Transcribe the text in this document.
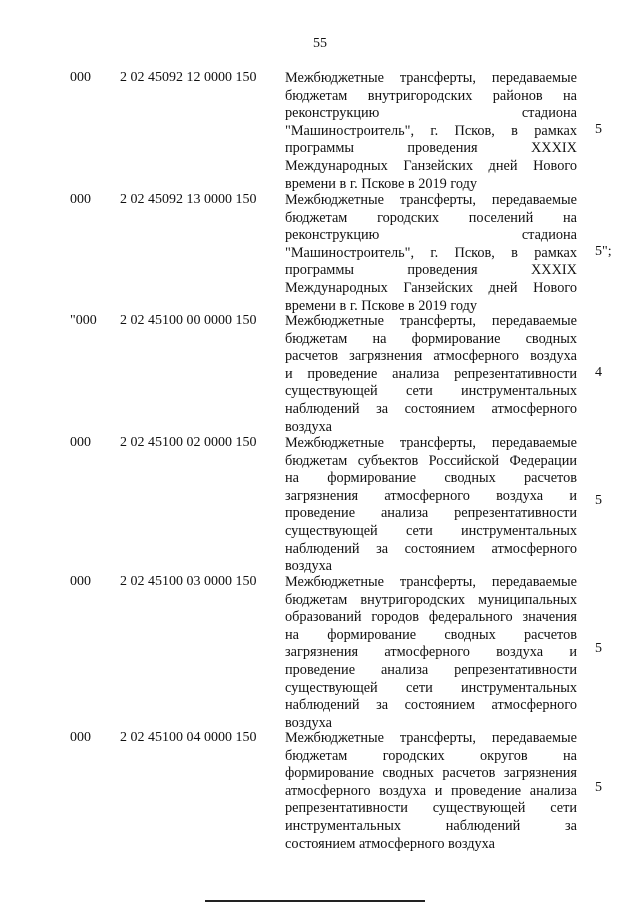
55
000 2 02 45092 12 0000 150 Межбюджетные трансферты, передаваемые
бюджетам внутригородских районов на
реконструкцию стадиона
"Машиностроитель", г. Псков, в рамках
программы проведения XXXIX
Международных Ганзейских дней Нового
времени в г. Пскове в 2019 году
5
000 2 02 45092 13 0000 150 Межбюджетные трансферты, передаваемые
бюджетам городских поселений на
реконструкцию стадиона
"Машиностроитель", г. Псков, в рамках
программы проведения XXXIX
Международных Ганзейских дней Нового
времени в г. Пскове в 2019 году
5";
"000 2 02 45100 00 0000 150 Межбюджетные трансферты, передаваемые
бюджетам на формирование сводных
расчетов загрязнения атмосферного воздуха
и проведение анализа репрезентативности
существующей сети инструментальных
наблюдений за состоянием атмосферного
воздуха
4
000 2 02 45100 02 0000 150 Межбюджетные трансферты, передаваемые
бюджетам субъектов Российской Федерации
на формирование сводных расчетов
загрязнения атмосферного воздуха и
проведение анализа репрезентативности
существующей сети инструментальных
наблюдений за состоянием атмосферного
воздуха
5
000 2 02 45100 03 0000 150 Межбюджетные трансферты, передаваемые
бюджетам внутригородских муниципальных
образований городов федерального значения
на формирование сводных расчетов
загрязнения атмосферного воздуха и
проведение анализа репрезентативности
существующей сети инструментальных
наблюдений за состоянием атмосферного
воздуха
5
000 2 02 45100 04 0000 150 Межбюджетные трансферты, передаваемые
бюджетам городских округов на
формирование сводных расчетов загрязнения
атмосферного воздуха и проведение анализа
репрезентативности существующей сети
инструментальных наблюдений за
состоянием атмосферного воздуха
5
